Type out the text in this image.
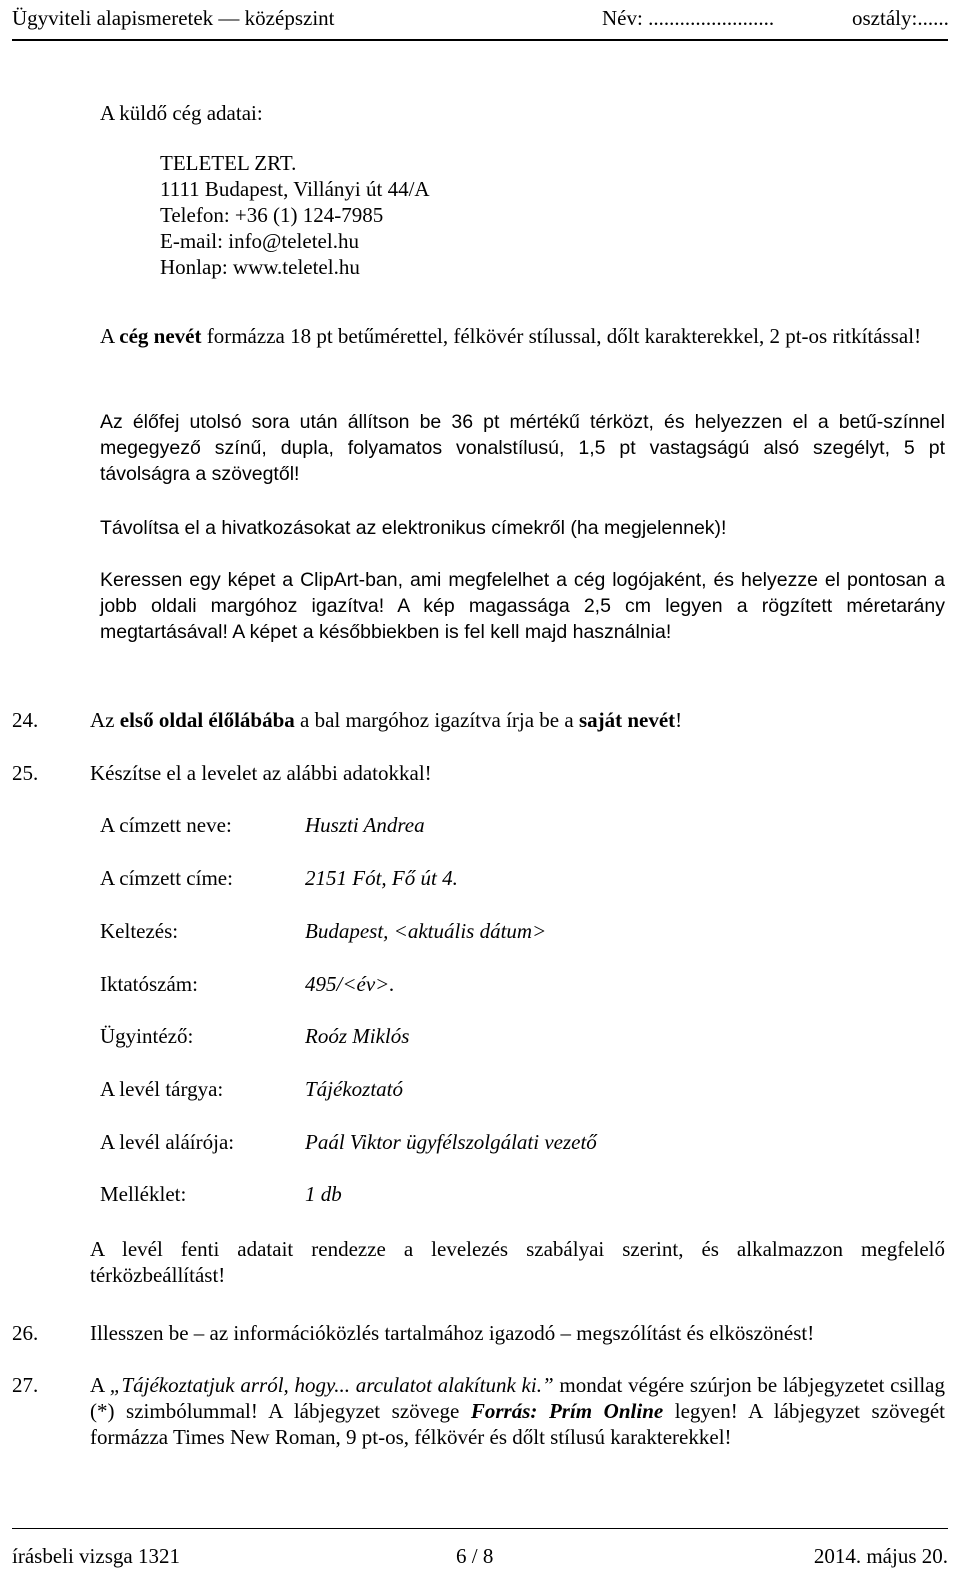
Ügyviteli alapismeretek — középszint	Név: ........................	osztály:......

A küldő cég adatai:

TELETEL ZRT.
1111 Budapest, Villányi út 44/A
Telefon: +36 (1) 124-7985
E-mail: info@teletel.hu
Honlap: www.teletel.hu

A cég nevét formázza 18 pt betűmérettel, félkövér stílussal, dőlt karakterekkel, 2 pt-os ritkítással!

Az élőfej utolsó sora után állítson be 36 pt mértékű térközt, és helyezzen el a betű-színnel megegyező színű, dupla, folyamatos vonalstílusú, 1,5 pt vastagságú alsó szegélyt, 5 pt távolságra a szövegtől!

Távolítsa el a hivatkozásokat az elektronikus címekről (ha megjelennek)!

Keressen egy képet a ClipArt-ban, ami megfelelhet a cég logójaként, és helyezze el pontosan a jobb oldali margóhoz igazítva! A kép magassága 2,5 cm legyen a rögzített méretarány megtartásával! A képet a későbbiekben is fel kell majd használnia!

24. Az első oldal élőlábába a bal margóhoz igazítva írja be a saját nevét!

25. Készítse el a levelet az alábbi adatokkal!

A címzett neve:	Huszti Andrea
A címzett címe:	2151 Fót, Fő út 4.
Keltezés:	Budapest, <aktuális dátum>
Iktatószám:	495/<év>.
Ügyintéző:	Roóz Miklós
A levél tárgya:	Tájékoztató
A levél aláírója:	Paál Viktor ügyfélszolgálati vezető
Melléklet:	1 db

A levél fenti adatait rendezze a levelezés szabályai szerint, és alkalmazzon megfelelő térközbeállítást!

26. Illesszen be – az információközlés tartalmához igazodó – megszólítást és elköszönést!

27. A „Tájékoztatjuk arról, hogy... arculatot alakítunk ki.” mondat végére szúrjon be lábjegyzetet csillag (*) szimbólummal! A lábjegyzet szövege Forrás: Prím Online legyen! A lábjegyzet szövegét formázza Times New Roman, 9 pt-os, félkövér és dőlt stílusú karakterekkel!

írásbeli vizsga 1321	6 / 8	2014. május 20.
